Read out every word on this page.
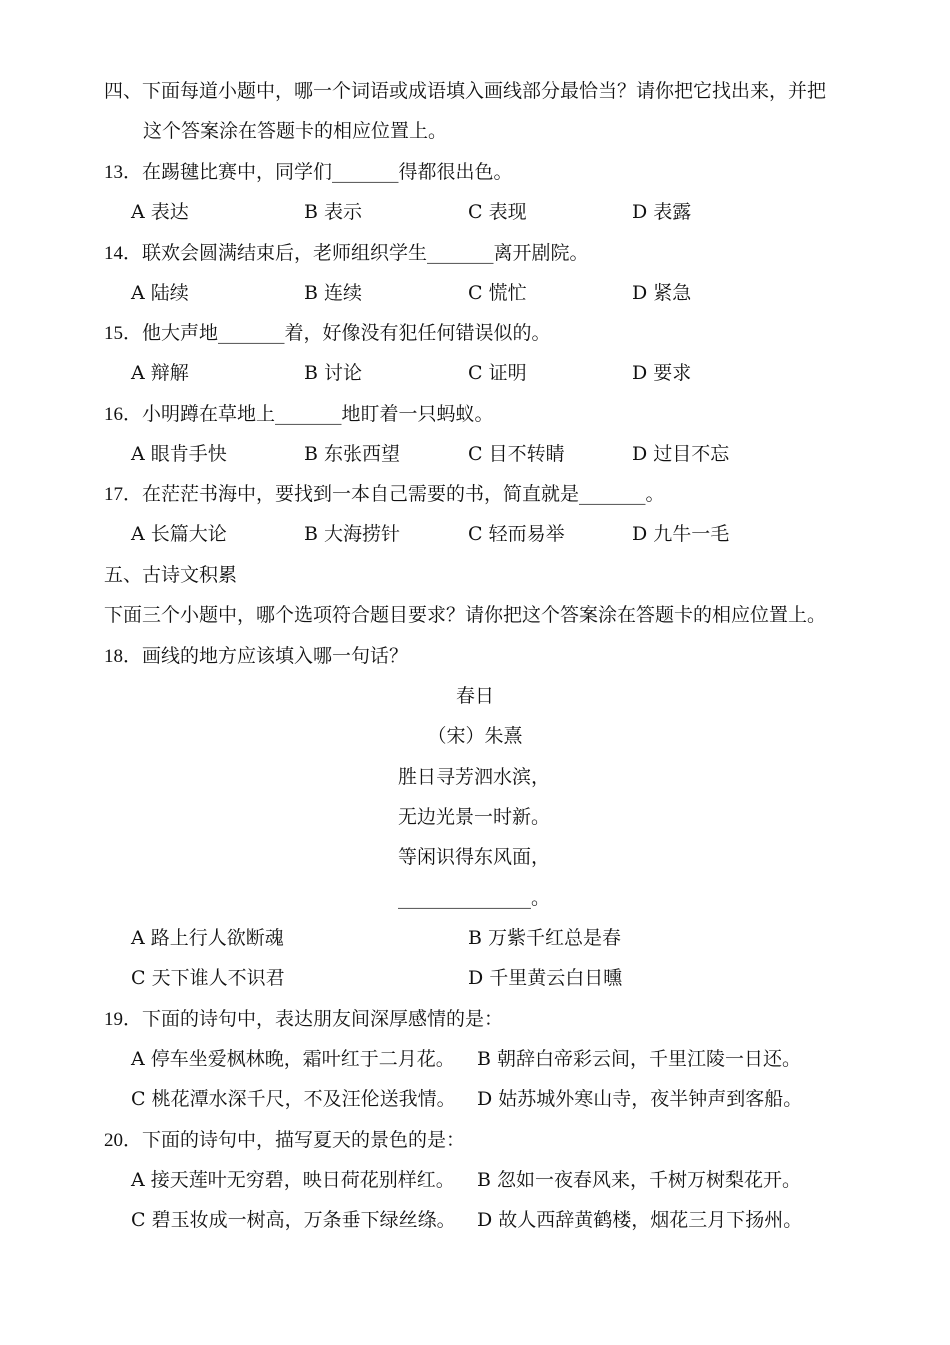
四、下面每道小题中，哪一个词语或成语填入画线部分最恰当？请你把它找出来，并把
这个答案涂在答题卡的相应位置上。
13．在踢毽比赛中，同学们_______得都很出色。
A 表达	B 表示	C 表现	D 表露
14．联欢会圆满结束后，老师组织学生_______离开剧院。
A 陆续	B 连续	C 慌忙	D 紧急
15．他大声地_______着，好像没有犯任何错误似的。
A 辩解	B 讨论	C 证明	D 要求
16．小明蹲在草地上_______地盯着一只蚂蚁。
A 眼肯手快	B 东张西望	C 目不转睛	D 过目不忘
17．在茫茫书海中，要找到一本自己需要的书，简直就是_______。
A 长篇大论	B 大海捞针	C 轻而易举	D 九牛一毛
五、古诗文积累
下面三个小题中，哪个选项符合题目要求？请你把这个答案涂在答题卡的相应位置上。
18．画线的地方应该填入哪一句话？
春日
（宋）朱熹
胜日寻芳泗水滨，
无边光景一时新。
等闲识得东风面，
______________。
A 路上行人欲断魂	B 万紫千红总是春
C 天下谁人不识君	D 千里黄云白日曛
19．下面的诗句中，表达朋友间深厚感情的是：
A 停车坐爱枫林晚，霜叶红于二月花。 B 朝辞白帝彩云间，千里江陵一日还。
C 桃花潭水深千尺，不及汪伦送我情。 D 姑苏城外寒山寺，夜半钟声到客船。
20．下面的诗句中，描写夏天的景色的是：
A 接天莲叶无穷碧，映日荷花别样红。 B 忽如一夜春风来，千树万树梨花开。
C 碧玉妆成一树高，万条垂下绿丝绦。 D 故人西辞黄鹤楼，烟花三月下扬州。
